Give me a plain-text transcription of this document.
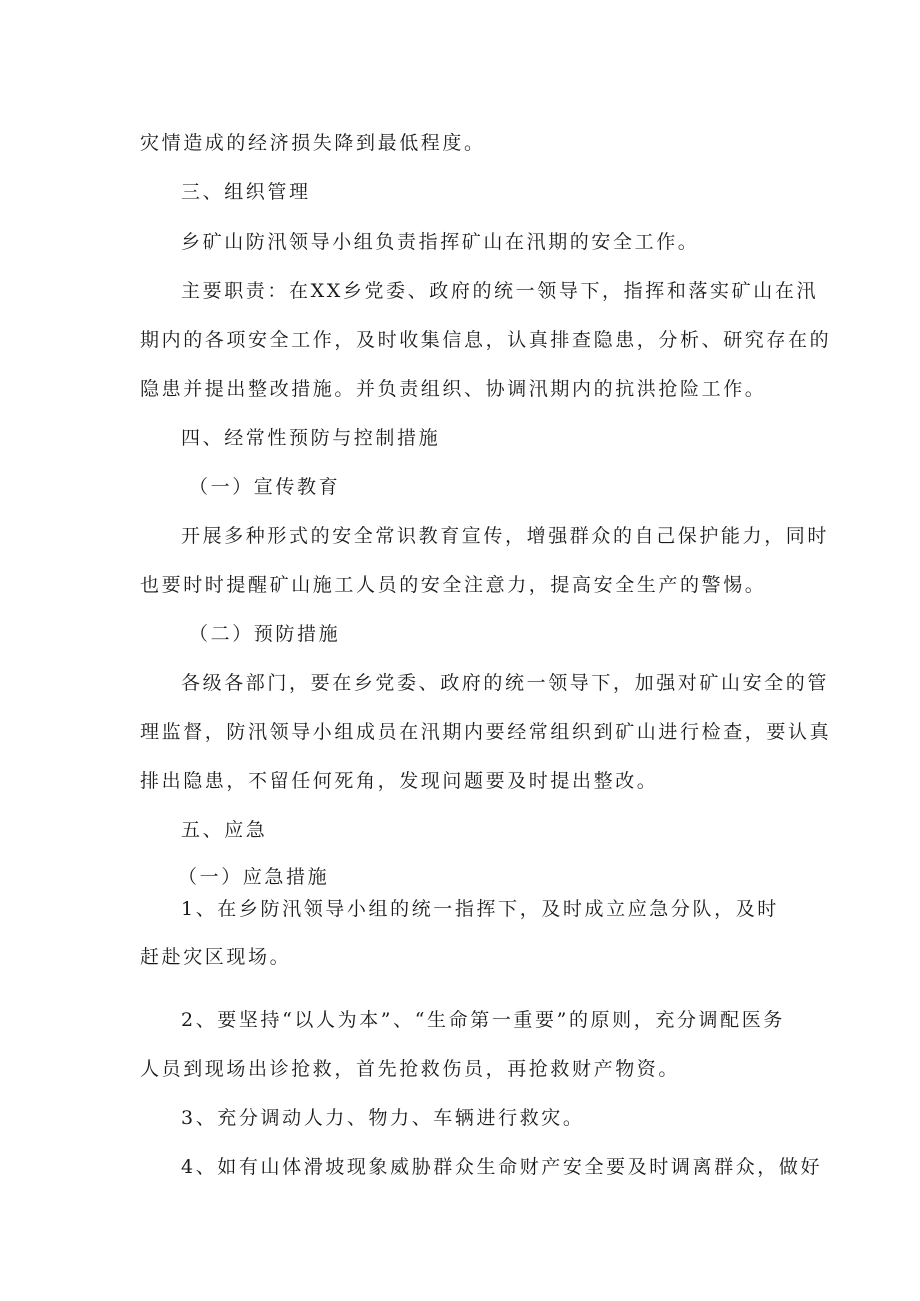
灾情造成的经济损失降到最低程度。
三、组织管理
乡矿山防汛领导小组负责指挥矿山在汛期的安全工作。
主要职责：在XX乡党委、政府的统一领导下，指挥和落实矿山在汛
期内的各项安全工作，及时收集信息，认真排查隐患，分析、研究存在的
隐患并提出整改措施。并负责组织、协调汛期内的抗洪抢险工作。
四、经常性预防与控制措施
（一）宣传教育
开展多种形式的安全常识教育宣传，增强群众的自己保护能力，同时
也要时时提醒矿山施工人员的安全注意力，提高安全生产的警惕。
（二）预防措施
各级各部门，要在乡党委、政府的统一领导下，加强对矿山安全的管
理监督，防汛领导小组成员在汛期内要经常组织到矿山进行检查，要认真
排出隐患，不留任何死角，发现问题要及时提出整改。
五、应急
（一）应急措施
1、在乡防汛领导小组的统一指挥下，及时成立应急分队，及时
赶赴灾区现场。
2、要坚持“以人为本”、“生命第一重要”的原则，充分调配医务
人员到现场出诊抢救，首先抢救伤员，再抢救财产物资。
3、充分调动人力、物力、车辆进行救灾。
4、如有山体滑坡现象威胁群众生命财产安全要及时调离群众，做好
